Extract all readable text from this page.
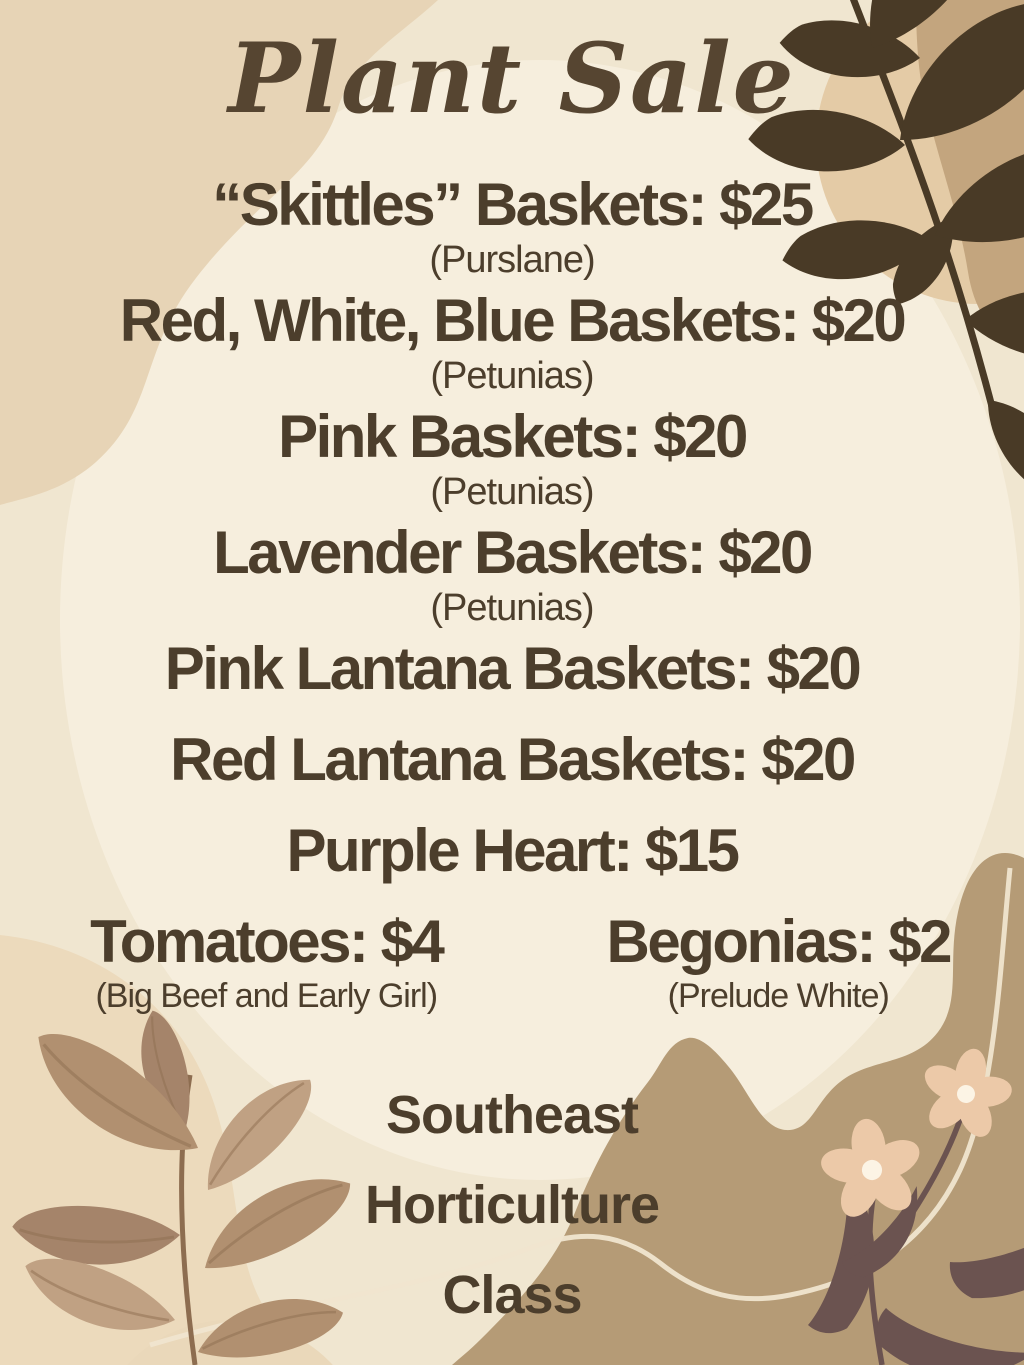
Plant Sale
“Skittles” Baskets: $25
(Purslane)
Red, White, Blue Baskets: $20
(Petunias)
Pink Baskets: $20
(Petunias)
Lavender Baskets: $20
(Petunias)
Pink Lantana Baskets: $20
Red Lantana Baskets: $20
Purple Heart: $15
Tomatoes: $4
(Big Beef and Early Girl)
Begonias: $2
(Prelude White)
Southeast
Horticulture
Class
